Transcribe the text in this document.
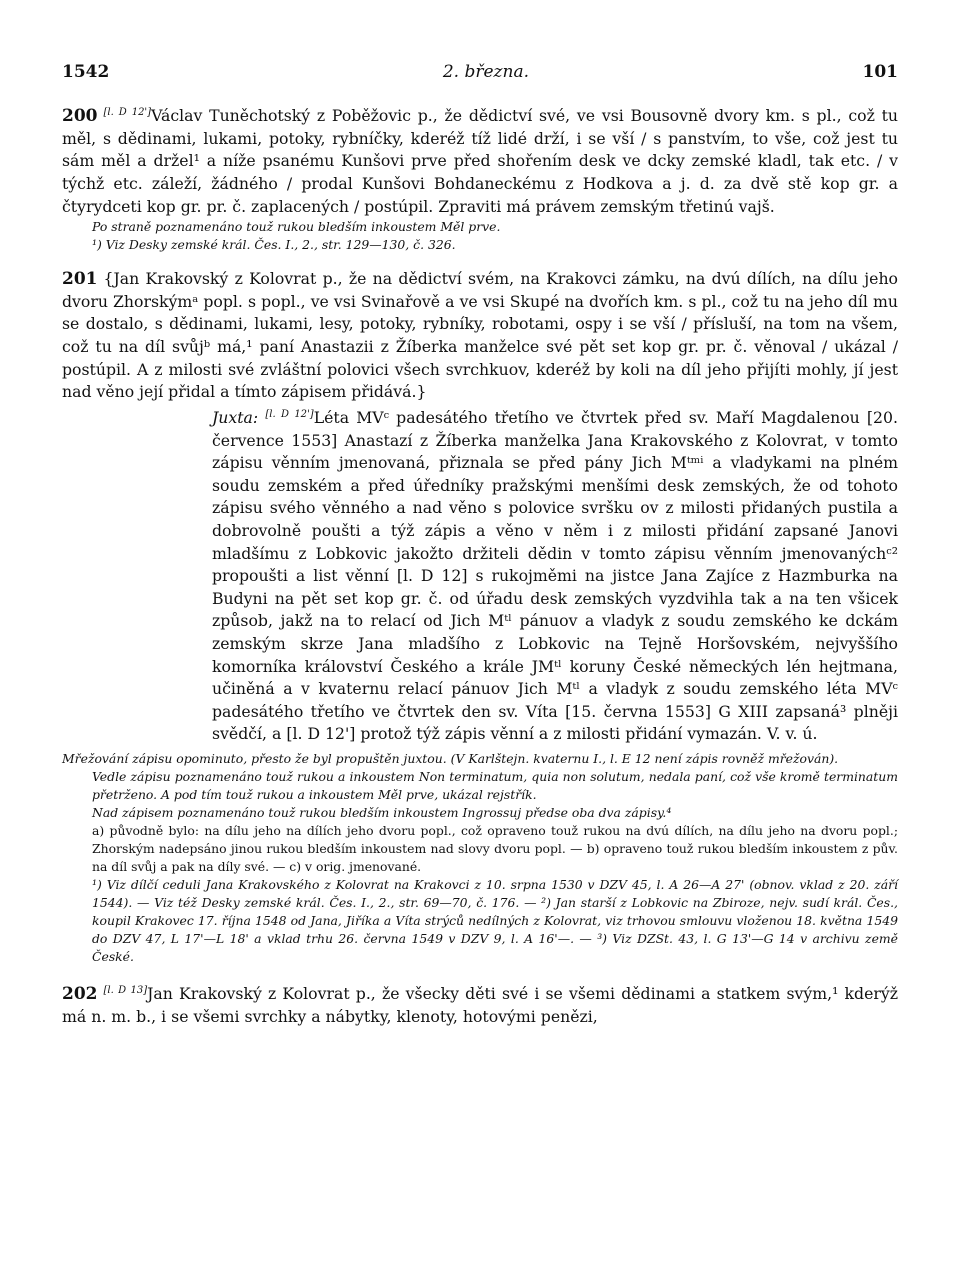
1542	2. března.	101

200 [l. D 12']Václav Tuněchotský z Poběžovic p., že dědictví své, ve vsi Bousovně dvory km. s pl., což tu měl, s dědinami, lukami, potoky, rybníčky, kderéž tíž lidé drží, i se vší / s panstvím, to vše, což jest tu sám měl a držel¹ a níže psanému Kunšovi prve před shořením desk ve dcky zemské kladl, tak etc. / v týchž etc. záleží, žádného / prodal Kunšovi Bohdaneckému z Hodkova a j. d. za dvě stě kop gr. a čtyrydceti kop gr. pr. č. zaplacených / postúpil. Zpraviti má právem zemským třetinú vajš.

Po straně poznamenáno touž rukou bledším inkoustem Měl prve.

¹) Viz Desky zemské král. Čes. I., 2., str. 129—130, č. 326.

201 {Jan Krakovský z Kolovrat p., že na dědictví svém, na Krakovci zámku, na dvú dílích, na dílu jeho dvoru Zhorskýmᵃ popl. s popl., ve vsi Svinařově a ve vsi Skupé na dvořích km. s pl., což tu na jeho díl mu se dostalo, s dědinami, lukami, lesy, potoky, rybníky, robotami, ospy i se vší / přísluší, na tom na všem, což tu na díl svůjᵇ má,¹ paní Anastazii z Žíberka manželce své pět set kop gr. pr. č. věnoval / ukázal / postúpil. A z milosti své zvláštní polovici všech svrchkuov, kderéž by koli na díl jeho přijíti mohly, jí jest nad věno její přidal a tímto zápisem přidává.}

Juxta: [l. D 12']Léta MVᶜ padesátého třetího ve čtvrtek před sv. Maří Magdalenou [20. července 1553] Anastazí z Žíberka manželka Jana Krakovského z Kolovrat, v tomto zápisu věnním jmenovaná, přiznala se před pány Jich Mᵗᵐⁱ a vladykami na plném soudu zemském a před úředníky pražskými menšími desk zemských, že od tohoto zápisu svého věnného a nad věno s polovice svršku ov z milosti přidaných pustila a dobrovolně poušti a týž zápis a věno v něm i z milosti přidání zapsané Janovi mladšímu z Lobkovic jakožto držiteli dědin v tomto zápisu věnním jmenovanýchᶜ² propoušti a list věnní [l. D 12] s rukojměmi na jistce Jana Zajíce z Hazmburka na Budyni na pět set kop gr. č. od úřadu desk zemských vyzdvihla tak a na ten všicek způsob, jakž na to relací od Jich Mᵗˡ pánuov a vladyk z soudu zemského ke dckám zemským skrze Jana mladšího z Lobkovic na Tejně Horšovském, nejvyššího komorníka království Českého a krále JMᵗˡ koruny České německých lén hejtmana, učiněná a v kvaternu relací pánuov Jich Mᵗˡ a vladyk z soudu zemského léta MVᶜ padesátého třetího ve čtvrtek den sv. Víta [15. června 1553] G XIII zapsaná³ plněji svědčí, a [l. D 12'] protož týž zápis věnní a z milosti přidání vymazán. V. v. ú.

Mřežování zápisu opominuto, přesto že byl propuštěn juxtou. (V Karlštejn. kvaternu I., l. E 12 není zápis rovněž mřežován).

Vedle zápisu poznamenáno touž rukou a inkoustem Non terminatum, quia non solutum, nedala paní, což vše kromě terminatum přetrženo. A pod tím touž rukou a inkoustem Měl prve, ukázal rejstřík.

Nad zápisem poznamenáno touž rukou bledším inkoustem Ingrossuj předse oba dva zápisy.⁴

a) původně bylo: na dílu jeho na dílích jeho dvoru popl., což opraveno touž rukou na dvú dílích, na dílu jeho na dvoru popl.; Zhorským nadepsáno jinou rukou bledším inkoustem nad slovy dvoru popl. — b) opraveno touž rukou bledším inkoustem z pův. na díl svůj a pak na díly své. — c) v orig. jmenované.

¹) Viz dílčí ceduli Jana Krakovského z Kolovrat na Krakovci z 10. srpna 1530 v DZV 45, l. A 26—A 27' (obnov. vklad z 20. září 1544). — Viz též Desky zemské král. Čes. I., 2., str. 69—70, č. 176. — ²) Jan starší z Lobkovic na Zbiroze, nejv. sudí král. Čes., koupil Krakovec 17. října 1548 od Jana, Jiříka a Víta strýců nedílných z Kolovrat, viz trhovou smlouvu vloženou 18. května 1549 do DZV 47, L 17'—L 18' a vklad trhu 26. června 1549 v DZV 9, l. A 16'—. — ³) Viz DZSt. 43, l. G 13'—G 14 v archivu země České.

202 [l. D 13]Jan Krakovský z Kolovrat p., že všecky děti své i se všemi dědinami a statkem svým,¹ kderýž má n. m. b., i se všemi svrchky a nábytky, klenoty, hotovými penězi,
